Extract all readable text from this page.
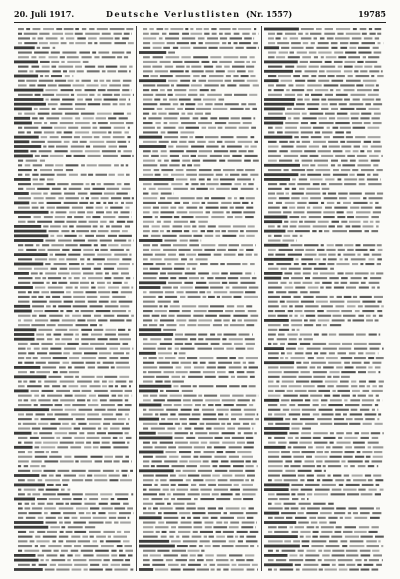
20. Juli 1917.	Deutsche Verlustlisten (Nr. 1557)	19785
